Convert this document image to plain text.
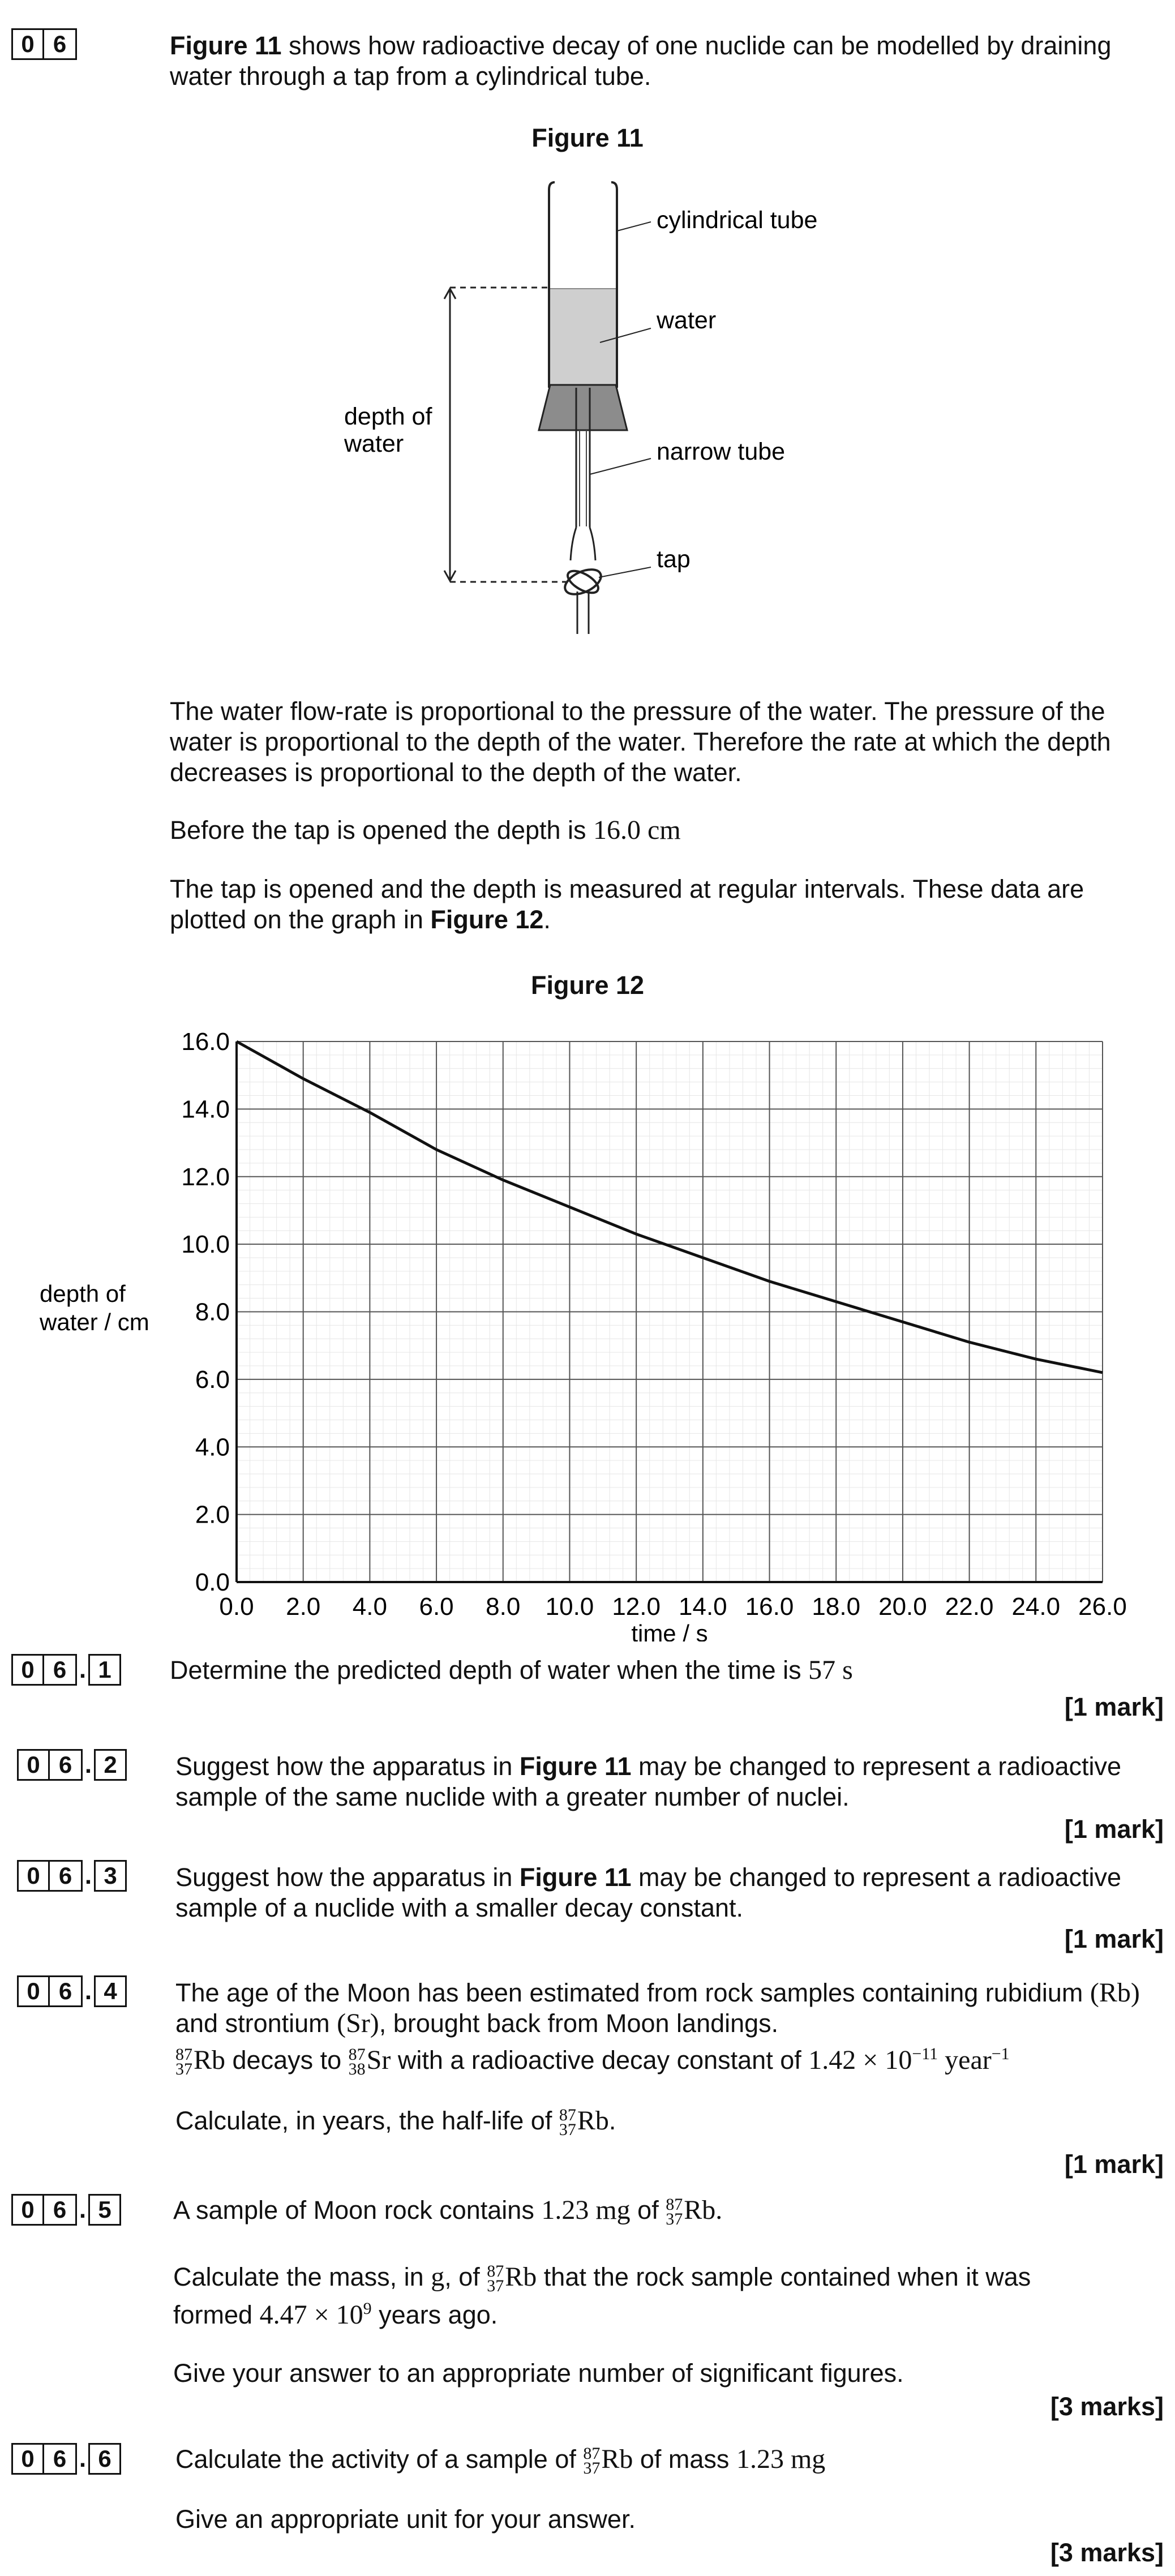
0 6	Figure 11 shows how radioactive decay of one nuclide can be modelled by draining
water through a tap from a cylindrical tube.

Figure 11
cylindrical tube
water
depth of
water	narrow tube
tap

The water flow-rate is proportional to the pressure of the water. The pressure of the
water is proportional to the depth of the water. Therefore the rate at which the depth
decreases is proportional to the depth of the water.

Before the tap is opened the depth is 16.0 cm

The tap is opened and the depth is measured at regular intervals. These data are
plotted on the graph in Figure 12.

Figure 12
0.0 2.0 4.0 6.0 8.0 10.0 12.0 14.0 16.0 18.0 20.0 22.0 24.0 26.0
0.0
2.0
4.0
6.0
8.0
10.0
12.0
14.0
16.0
depth of
water / cm
time / s
0 6 . 1	Determine the predicted depth of water when the time is 57 s

[1 mark]
0 6 . 2	Suggest how the apparatus in Figure 11 may be changed to represent a radioactive
sample of the same nuclide with a greater number of nuclei.

[1 mark]
0 6 . 3	Suggest how the apparatus in Figure 11 may be changed to represent a radioactive
sample of a nuclide with a smaller decay constant.

[1 mark]
0 6 . 4	The age of the Moon has been estimated from rock samples containing rubidium (Rb)
and strontium (Sr), brought back from Moon landings.

87
37 Rb decays to 87
38 Sr with a radioactive decay constant of $1.42 \times 10^{-11}$ year$^{-1}$

Calculate, in years, the half-life of 87
37 Rb.

[1 mark]
0 6 . 5	A sample of Moon rock contains 1.23 mg of 87
37 Rb.

Calculate the mass, in g, of 87
37 Rb that the rock sample contained when it was
formed $4.47 \times 10^9$ years ago.

Give your answer to an appropriate number of significant figures.

[3 marks]
0 6 . 6	Calculate the activity of a sample of 87
37 Rb of mass 1.23 mg

Give an appropriate unit for your answer.

[3 marks]
